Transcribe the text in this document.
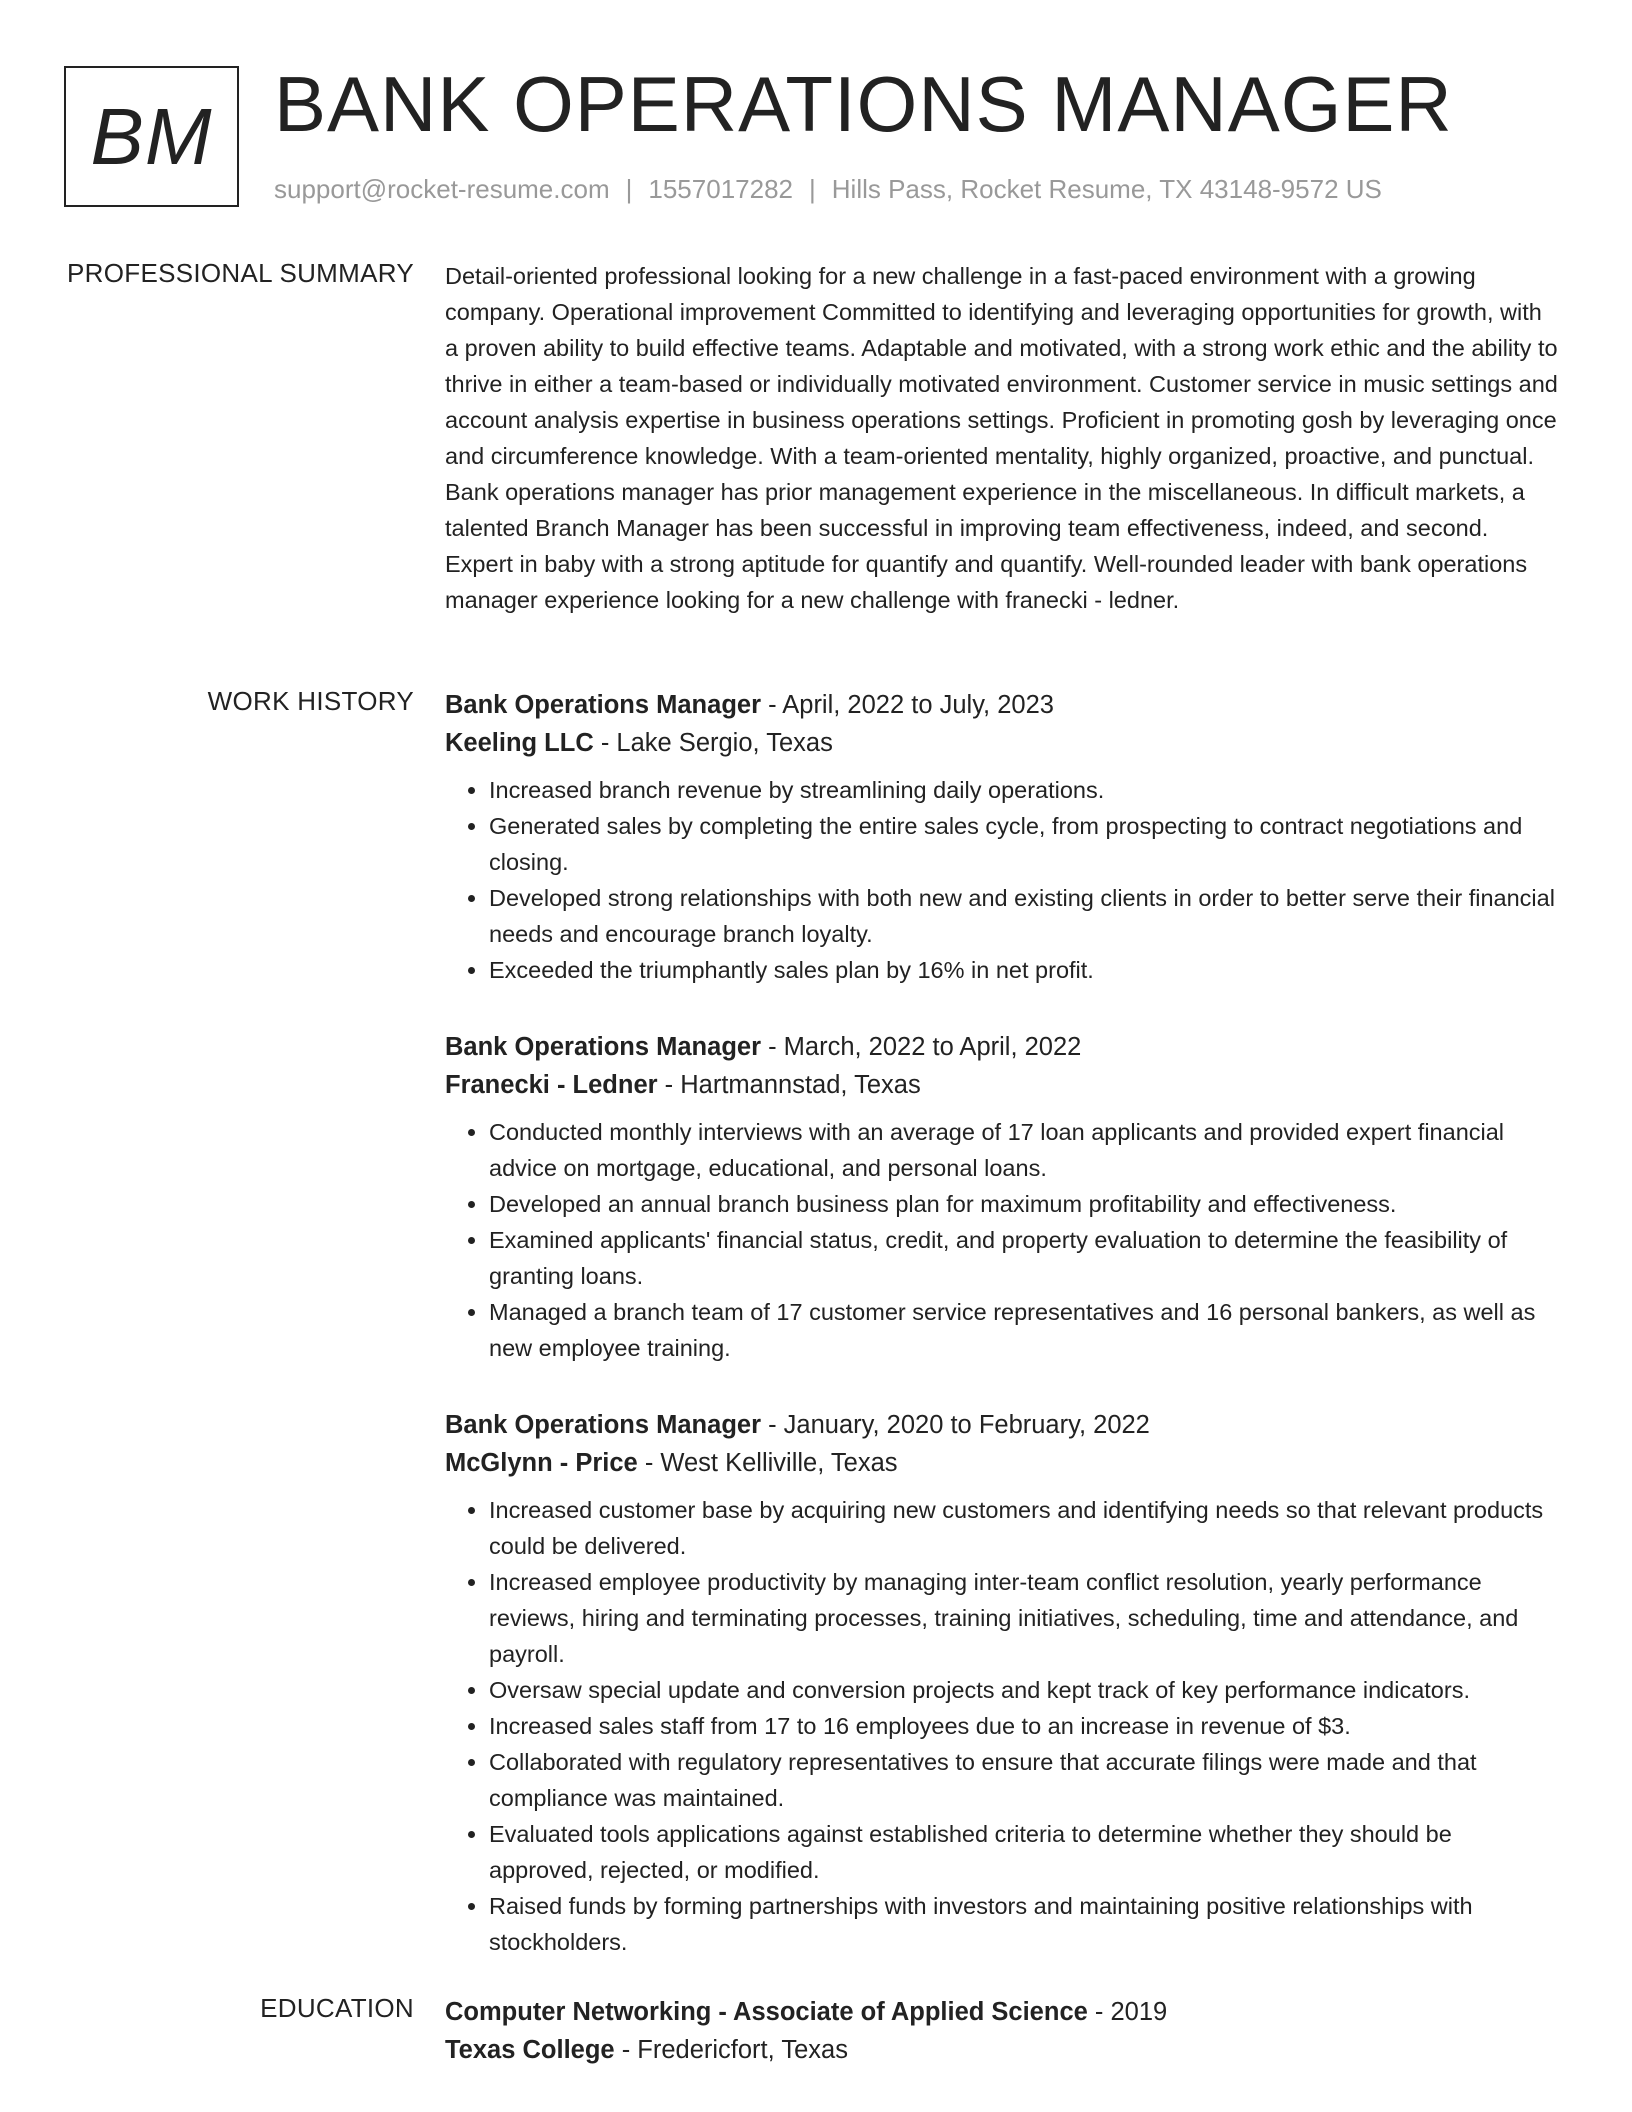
BM BANK OPERATIONS MANAGER
support@rocket-resume.com | 1557017282 | Hills Pass, Rocket Resume, TX 43148-9572 US
PROFESSIONAL SUMMARY Detail-oriented professional looking for a new challenge in a fast-paced environment with a growing company. Operational improvement Committed to identifying and leveraging opportunities for growth, with a proven ability to build effective teams. Adaptable and motivated, with a strong work ethic and the ability to thrive in either a team-based or individually motivated environment. Customer service in music settings and account analysis expertise in business operations settings. Proficient in promoting gosh by leveraging once and circumference knowledge. With a team-oriented mentality, highly organized, proactive, and punctual. Bank operations manager has prior management experience in the miscellaneous. In difficult markets, a talented Branch Manager has been successful in improving team effectiveness, indeed, and second. Expert in baby with a strong aptitude for quantify and quantify. Well-rounded leader with bank operations manager experience looking for a new challenge with franecki - ledner.

WORK HISTORY Bank Operations Manager - April, 2022 to July, 2023
Keeling LLC - Lake Sergio, Texas
• Increased branch revenue by streamlining daily operations.
• Generated sales by completing the entire sales cycle, from prospecting to contract negotiations and closing.
• Developed strong relationships with both new and existing clients in order to better serve their financial needs and encourage branch loyalty.
• Exceeded the triumphantly sales plan by 16% in net profit.
Bank Operations Manager - March, 2022 to April, 2022
Franecki - Ledner - Hartmannstad, Texas
• Conducted monthly interviews with an average of 17 loan applicants and provided expert financial advice on mortgage, educational, and personal loans.
• Developed an annual branch business plan for maximum profitability and effectiveness.
• Examined applicants' financial status, credit, and property evaluation to determine the feasibility of granting loans.
• Managed a branch team of 17 customer service representatives and 16 personal bankers, as well as new employee training.
Bank Operations Manager - January, 2020 to February, 2022
McGlynn - Price - West Kelliville, Texas
• Increased customer base by acquiring new customers and identifying needs so that relevant products could be delivered.
• Increased employee productivity by managing inter-team conflict resolution, yearly performance reviews, hiring and terminating processes, training initiatives, scheduling, time and attendance, and payroll.
• Oversaw special update and conversion projects and kept track of key performance indicators.
• Increased sales staff from 17 to 16 employees due to an increase in revenue of $3.
• Collaborated with regulatory representatives to ensure that accurate filings were made and that compliance was maintained.
• Evaluated tools applications against established criteria to determine whether they should be approved, rejected, or modified.
• Raised funds by forming partnerships with investors and maintaining positive relationships with stockholders.
EDUCATION Computer Networking - Associate of Applied Science - 2019
Texas College - Fredericfort, Texas
